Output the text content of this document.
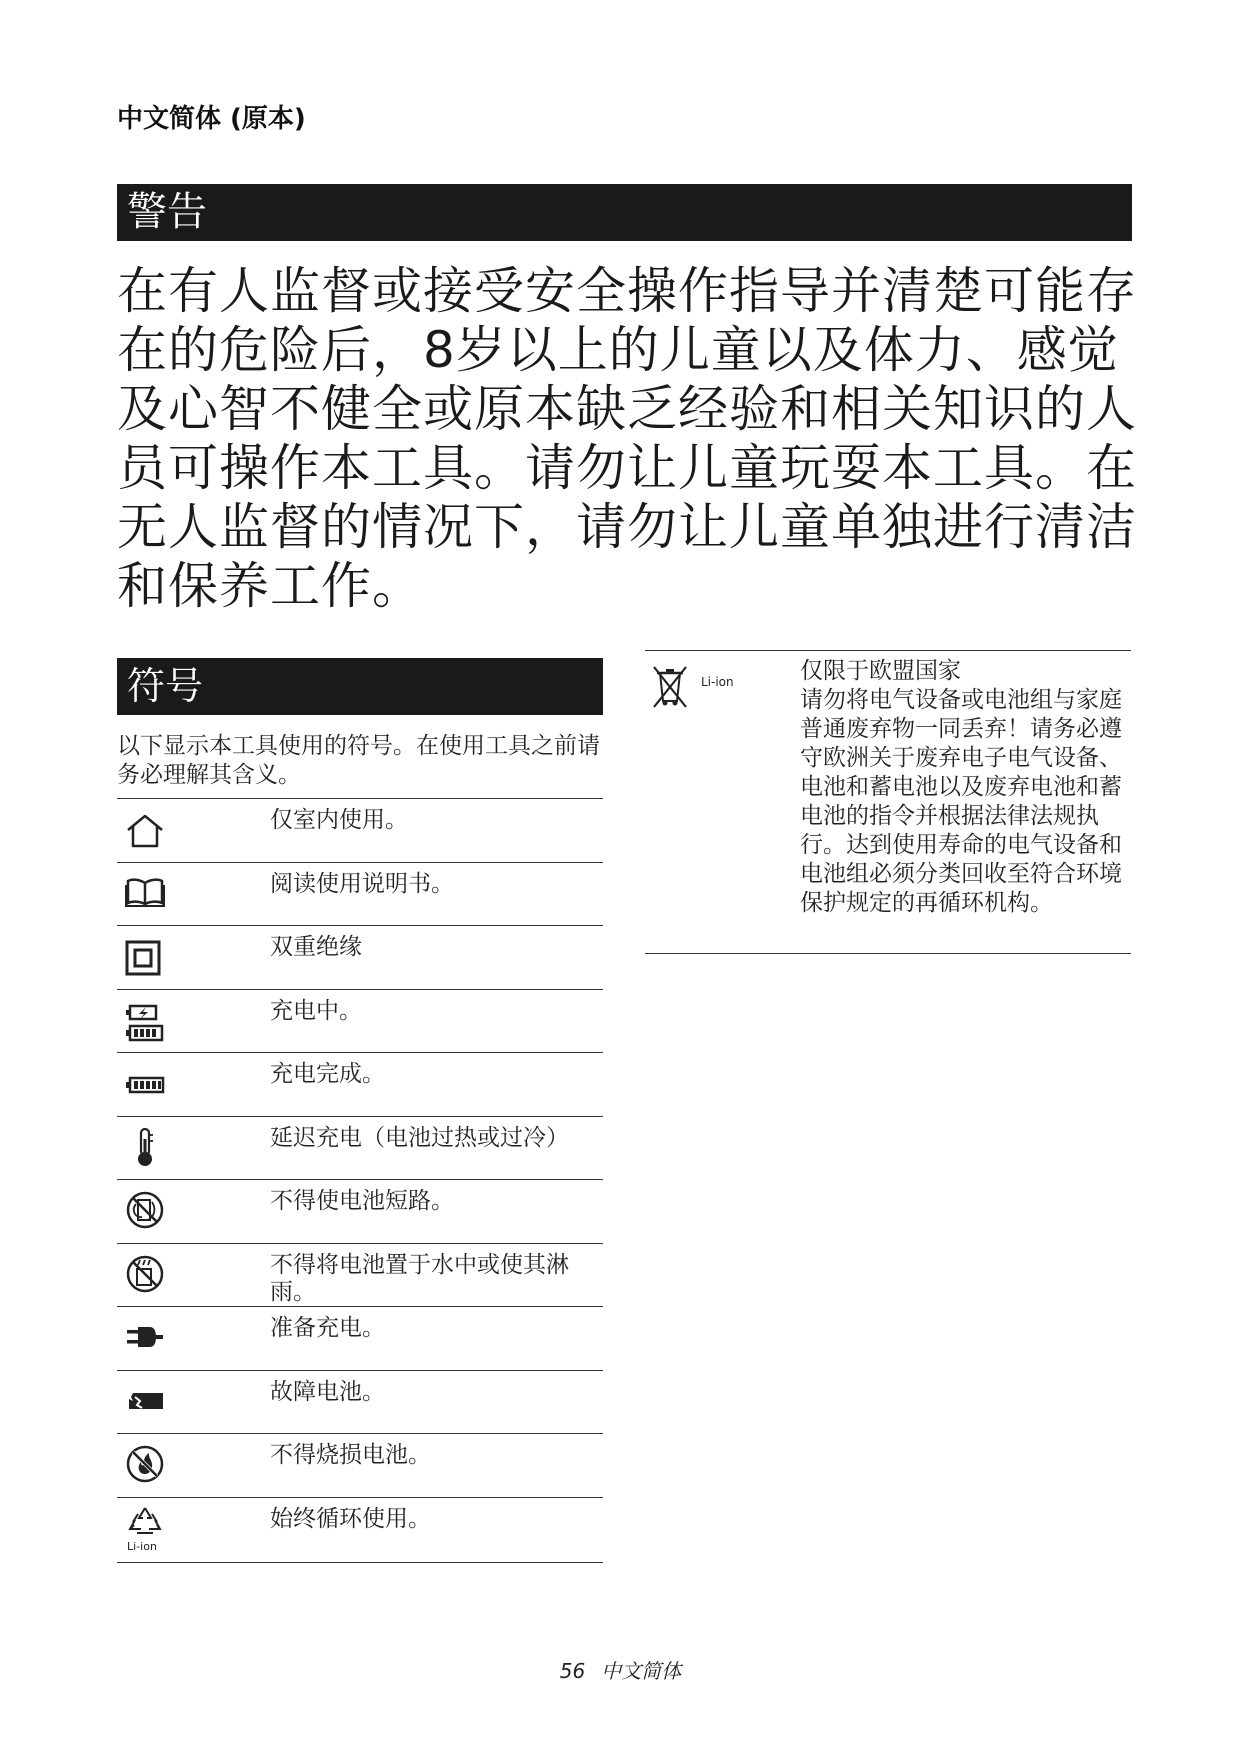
中文简体 (原本)
警告
在有人监督或接受安全操作指导并清楚可能存
在的危险后，8岁以上的儿童以及体力、感觉
及心智不健全或原本缺乏经验和相关知识的人
员可操作本工具。请勿让儿童玩耍本工具。在
无人监督的情况下，请勿让儿童单独进行清洁
和保养工作。
符号
以下显示本工具使用的符号。在使用工具之前请务必理解其含义。
仅室内使用。
阅读使用说明书。
双重绝缘
充电中。
充电完成。
延迟充电（电池过热或过冷）
不得使电池短路。
不得将电池置于水中或使其淋雨。
准备充电。
故障电池。
不得烧损电池。
Li-ion
始终循环使用。
Li-ion	仅限于欧盟国家
请勿将电气设备或电池组与家庭普通废弃物一同丢弃！请务必遵守欧洲关于废弃电子电气设备、电池和蓄电池以及废弃电池和蓄电池的指令并根据法律法规执行。达到使用寿命的电气设备和电池组必须分类回收至符合环境保护规定的再循环机构。
56 中文简体
